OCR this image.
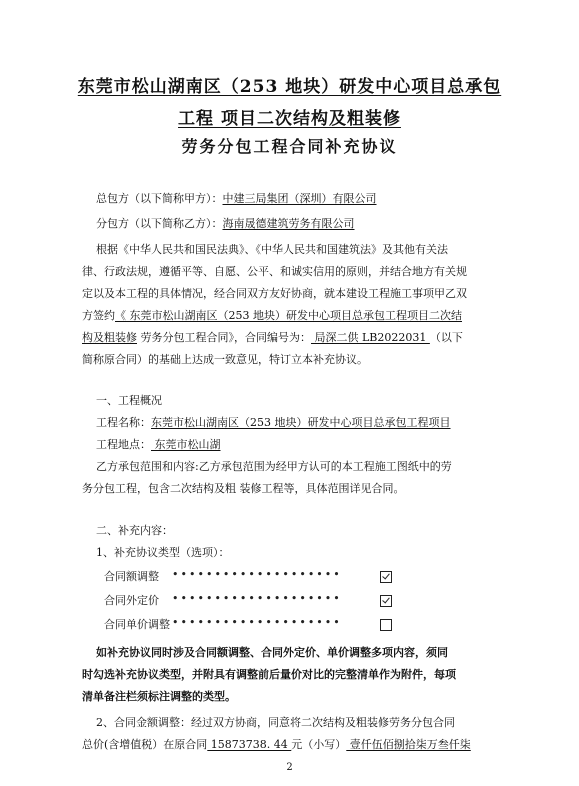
东莞市松山湖南区（253 地块）研发中心项目总承包
工程 项目二次结构及粗装修
劳务分包工程合同补充协议
总包方（以下简称甲方）：中建三局集团（深圳）有限公司
分包方（以下简称乙方）：海南晟德建筑劳务有限公司
根据《中华人民共和国民法典》、《中华人民共和国建筑法》及其他有关法
律、行政法规，遵循平等、自愿、公平、和诚实信用的原则，并结合地方有关规
定以及本工程的具体情况，经合同双方友好协商，就本建设工程施工事项甲乙双
方签约《 东莞市松山湖南区（253 地块）研发中心项目总承包工程项目二次结
构及粗装修 劳务分包工程合同》，合同编号为： 局深二供 LB2022031 （以下
简称原合同）的基础上达成一致意见，特订立本补充协议。
一、工程概况
工程名称：东莞市松山湖南区（253 地块）研发中心项目总承包工程项目
工程地点： 东莞市松山湖
乙方承包范围和内容:乙方承包范围为经甲方认可的本工程施工图纸中的劳
务分包工程，包含二次结构及粗 装修工程等，具体范围详见合同。
二、补充内容：
1、补充协议类型（选项）：
合同额调整 ••••••••••••••••••••
合同外定价 ••••••••••••••••••••
合同单价调整 ••••••••••••••••••••
如补充协议同时涉及合同额调整、合同外定价、单价调整多项内容，须同
时勾选补充协议类型，并附具有调整前后量价对比的完整清单作为附件，每项
清单备注栏须标注调整的类型。
2、合同金额调整：经过双方协商，同意将二次结构及粗装修劳务分包合同
总价(含增值税）在原合同 15873738. 44 元（小写） 壹仟伍佰捌拾柒万叁仟柒
2
